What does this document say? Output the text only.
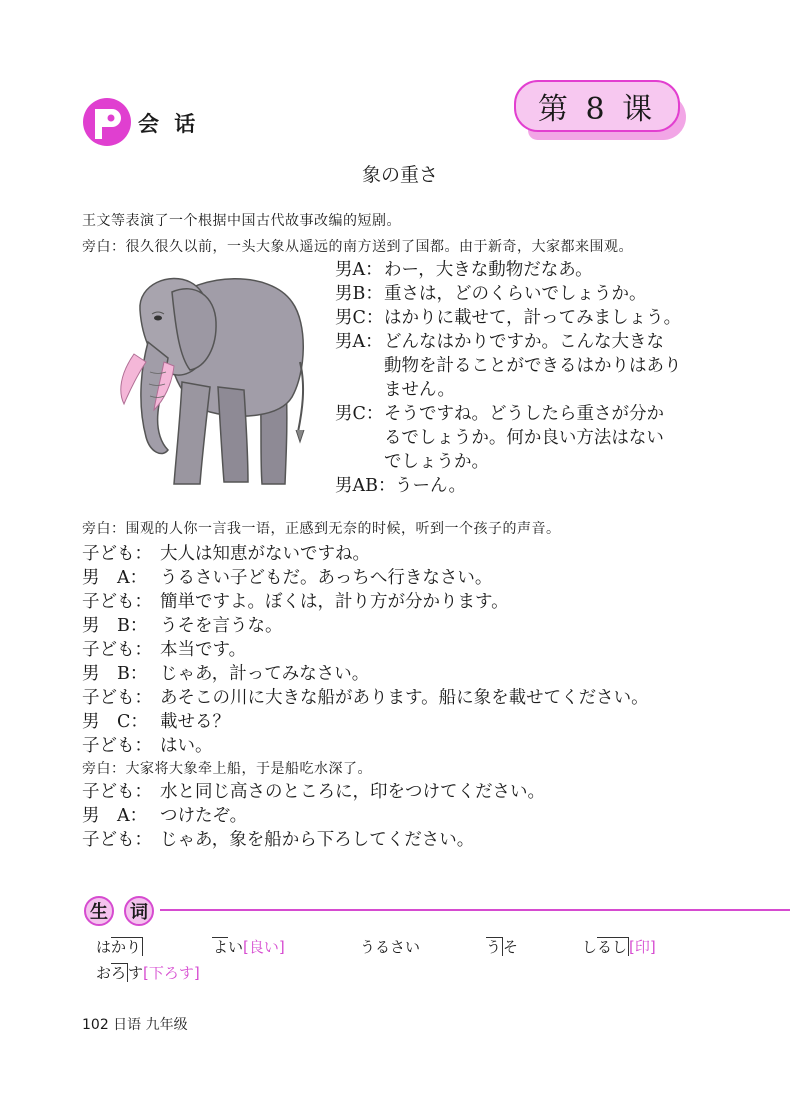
会 话	第 8 课
象の重さ
王文等表演了一个根据中国古代故事改编的短剧。
旁白：很久很久以前，一头大象从遥远的南方送到了国都。由于新奇，大家都来围观。
男A：わー，大きな動物だなあ。
男B：重さは，どのくらいでしょうか。
男C：はかりに載せて，計ってみましょう。
男A：どんなはかりですか。こんな大きな
動物を計ることができるはかりはあり
ません。
男C：そうですね。どうしたら重さが分か
るでしょうか。何か良い方法はない
でしょうか。
男AB：うーん。
旁白：围观的人你一言我一语，正感到无奈的时候，听到一个孩子的声音。
子ども： 大人は知恵がないですね。
男　A： うるさい子どもだ。あっちへ行きなさい。
子ども： 簡単ですよ。ぼくは，計り方が分かります。
男　B： うそを言うな。
子ども： 本当です。
男　B： じゃあ，計ってみなさい。
子ども： あそこの川に大きな船があります。船に象を載せてください。
男　C： 載せる？
子ども： はい。
旁白：大家将大象牵上船，于是船吃水深了。
子ども： 水と同じ高さのところに，印をつけてください。
男　A： つけたぞ。
子ども： じゃあ，象を船から下ろしてください。
生	词
はかり	よい[良い]	うるさい	う そ	しるし [印]
おろ す[下ろす]
102 日语 九年级
